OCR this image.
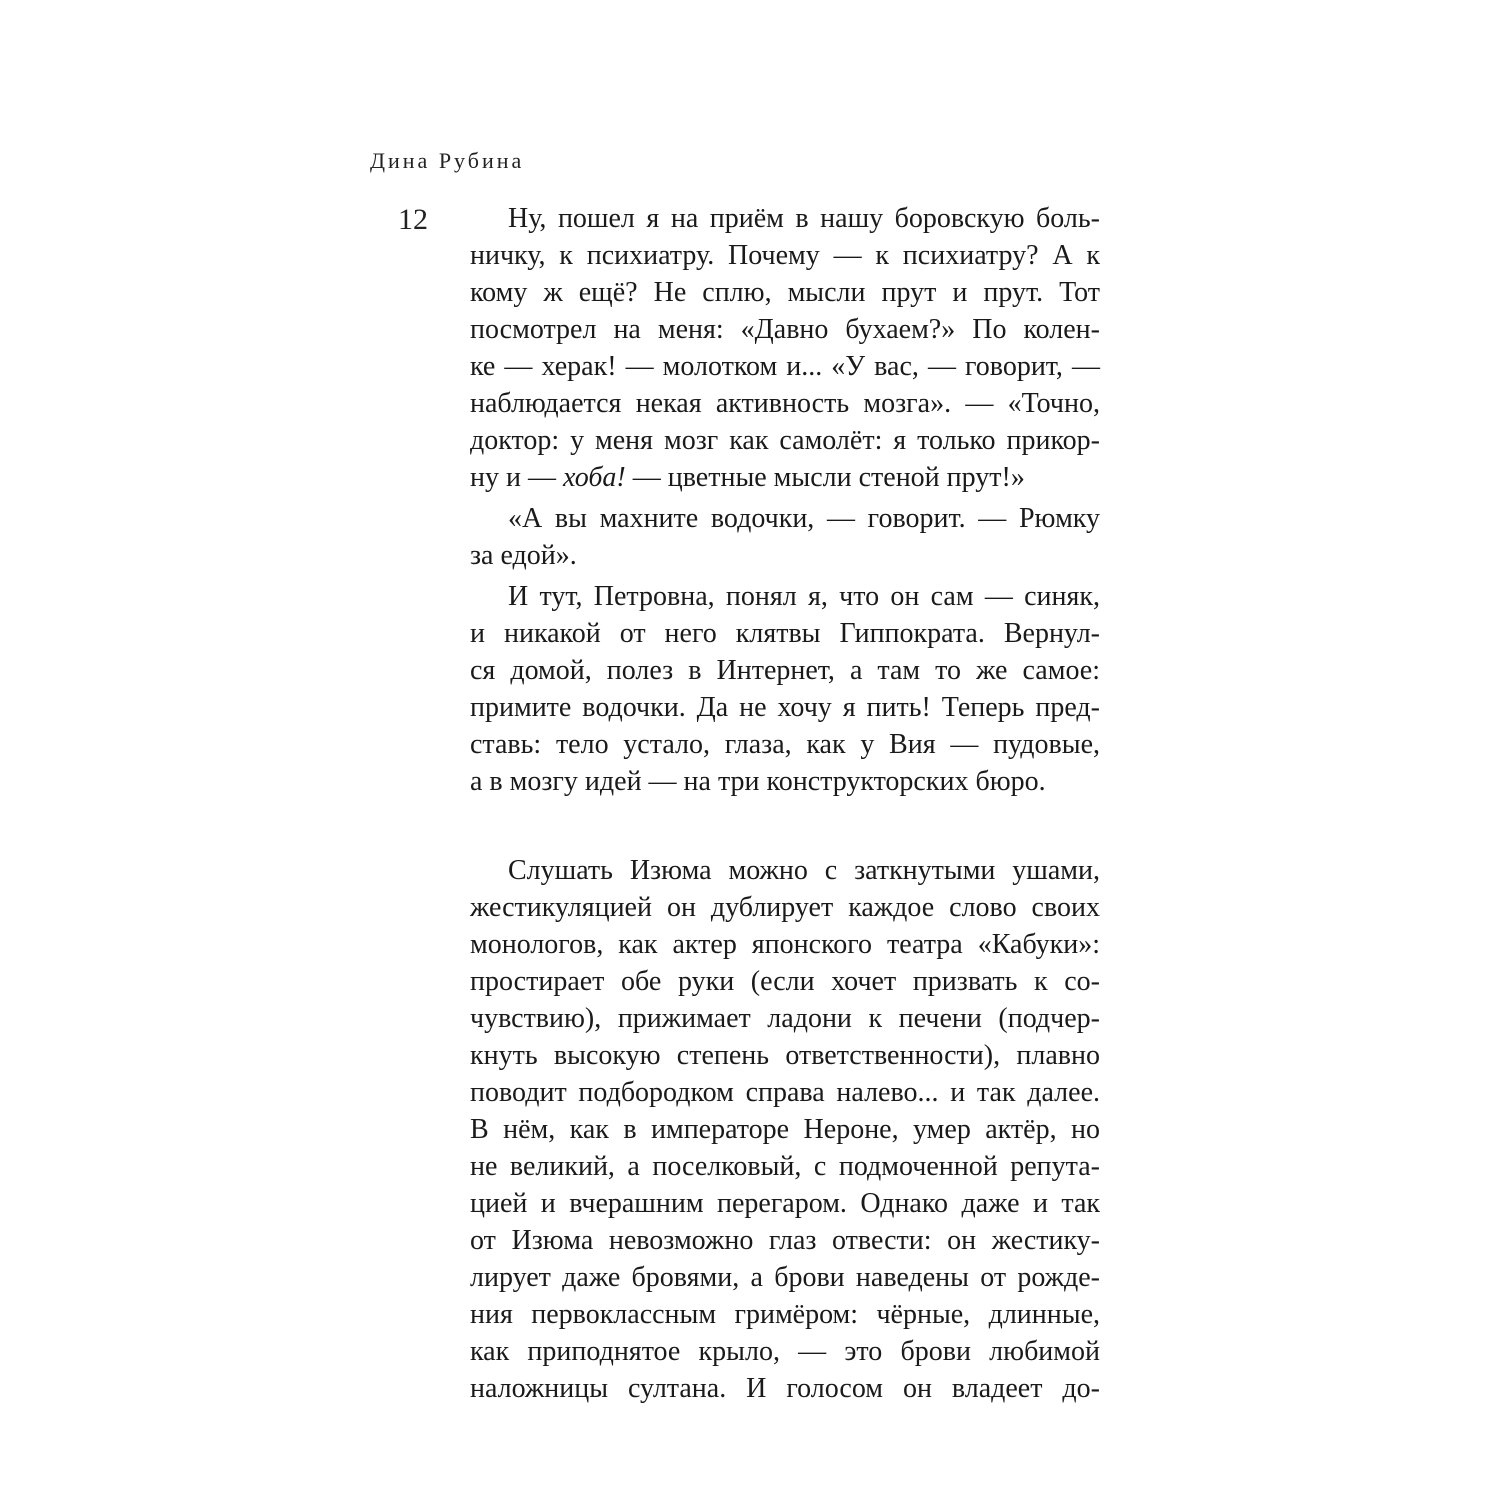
Дина Рубина
12	Ну, пошел я на приём в нашу боровскую боль-
ничку, к психиатру. Почему — к психиатру? А к
кому ж ещё? Не сплю, мысли прут и прут. Тот
посмотрел на меня: «Давно бухаем?» По колен-
ке — херак! — молотком и... «У вас, — говорит, —
наблюдается некая активность мозга». — «Точно,
доктор: у меня мозг как самолёт: я только прикор-
ну и — хоба! — цветные мысли стеной прут!»
«А вы махните водочки, — говорит. — Рюмку
за едой».
И тут, Петровна, понял я, что он сам — синяк,
и никакой от него клятвы Гиппократа. Вернул-
ся домой, полез в Интернет, а там то же самое:
примите водочки. Да не хочу я пить! Теперь пред-
ставь: тело устало, глаза, как у Вия — пудовые,
а в мозгу идей — на три конструкторских бюро.
Слушать Изюма можно с заткнутыми ушами,
жестикуляцией он дублирует каждое слово своих
монологов, как актер японского театра «Кабуки»:
простирает обе руки (если хочет призвать к со-
чувствию), прижимает ладони к печени (подчер-
кнуть высокую степень ответственности), плавно
поводит подбородком справа налево... и так далее.
В нём, как в императоре Нероне, умер актёр, но
не великий, а поселковый, с подмоченной репута-
цией и вчерашним перегаром. Однако даже и так
от Изюма невозможно глаз отвести: он жестику-
лирует даже бровями, а брови наведены от рожде-
ния первоклассным гримёром: чёрные, длинные,
как приподнятое крыло, — это брови любимой
наложницы султана. И голосом он владеет до-
